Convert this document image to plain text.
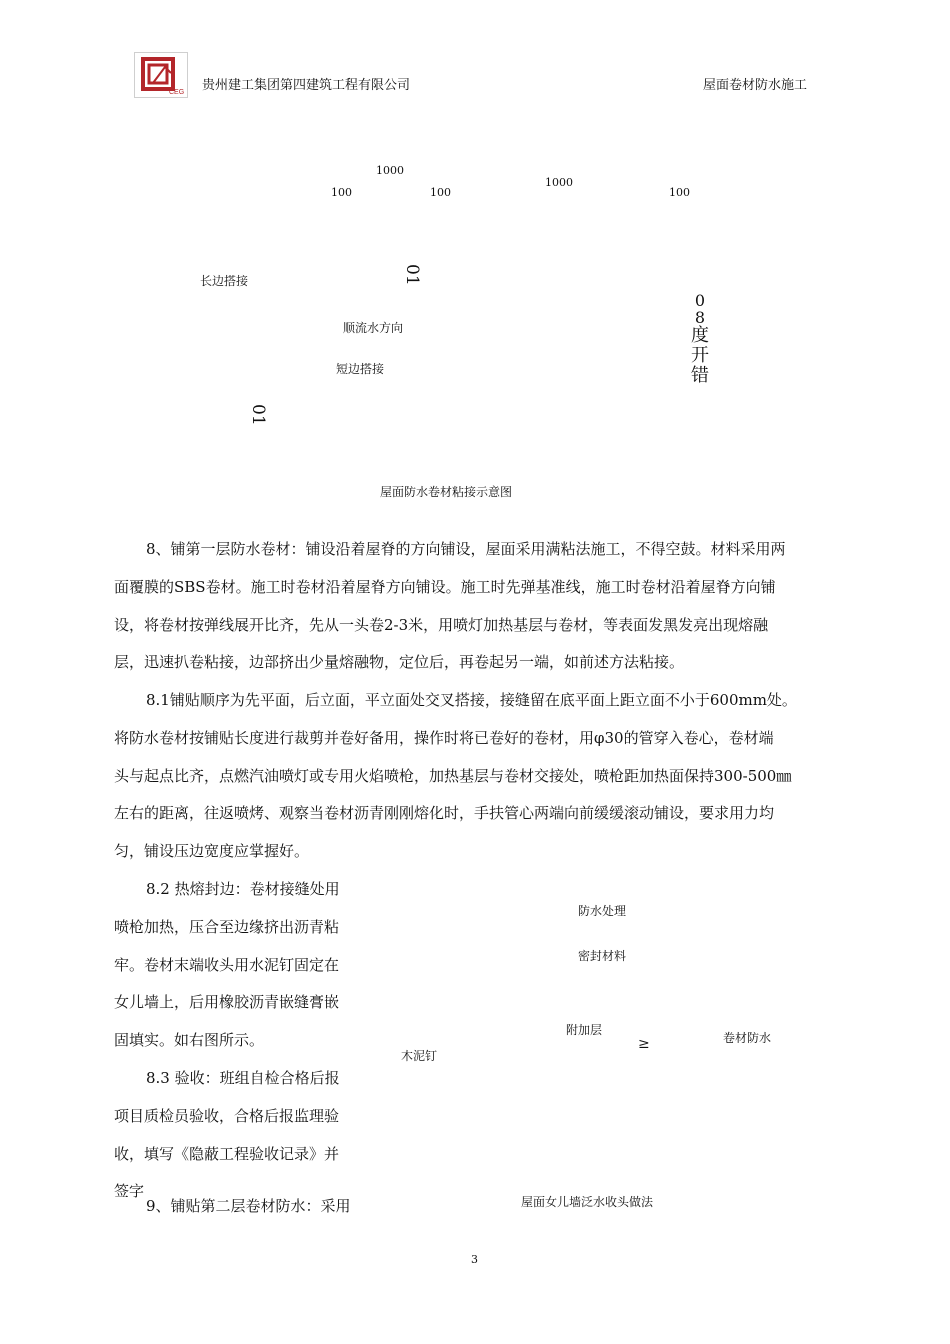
CEG 贵州建工集团第四建筑工程有限公司	屋面卷材防水施工
1000
100	100
1000
100
长边搭接
顺流水方向
短边搭接
01
01
0
8
度
开
错
屋面防水卷材粘接示意图
8、铺第一层防水卷材：铺设沿着屋脊的方向铺设，屋面采用满粘法施工，不得空鼓。材料采用两
面覆膜的SBS卷材。施工时卷材沿着屋脊方向铺设。施工时先弹基准线，施工时卷材沿着屋脊方向铺
设，将卷材按弹线展开比齐，先从一头卷2-3米，用喷灯加热基层与卷材，等表面发黑发亮出现熔融
层，迅速扒卷粘接，边部挤出少量熔融物，定位后，再卷起另一端，如前述方法粘接。
8.1铺贴顺序为先平面，后立面，平立面处交叉搭接，接缝留在底平面上距立面不小于600mm处。
将防水卷材按铺贴长度进行裁剪并卷好备用，操作时将已卷好的卷材，用φ30的管穿入卷心，卷材端
头与起点比齐，点燃汽油喷灯或专用火焰喷枪，加热基层与卷材交接处，喷枪距加热面保持300-500㎜
左右的距离，往返喷烤、观察当卷材沥青刚刚熔化时，手扶管心两端向前缓缓滚动铺设，要求用力均
匀，铺设压边宽度应掌握好。
8.2 热熔封边：卷材接缝处用
喷枪加热，压合至边缘挤出沥青粘
牢。卷材末端收头用水泥钉固定在
女儿墙上，后用橡胶沥青嵌缝膏嵌
固填实。如右图所示。
8.3 验收：班组自检合格后报
项目质检员验收，合格后报监理验
收，填写《隐蔽工程验收记录》并
签字
9、铺贴第二层卷材防水：采用
防水处理
密封材料
附加层
≥	卷材防水
木泥钉
屋面女儿墙泛水收头做法
3
